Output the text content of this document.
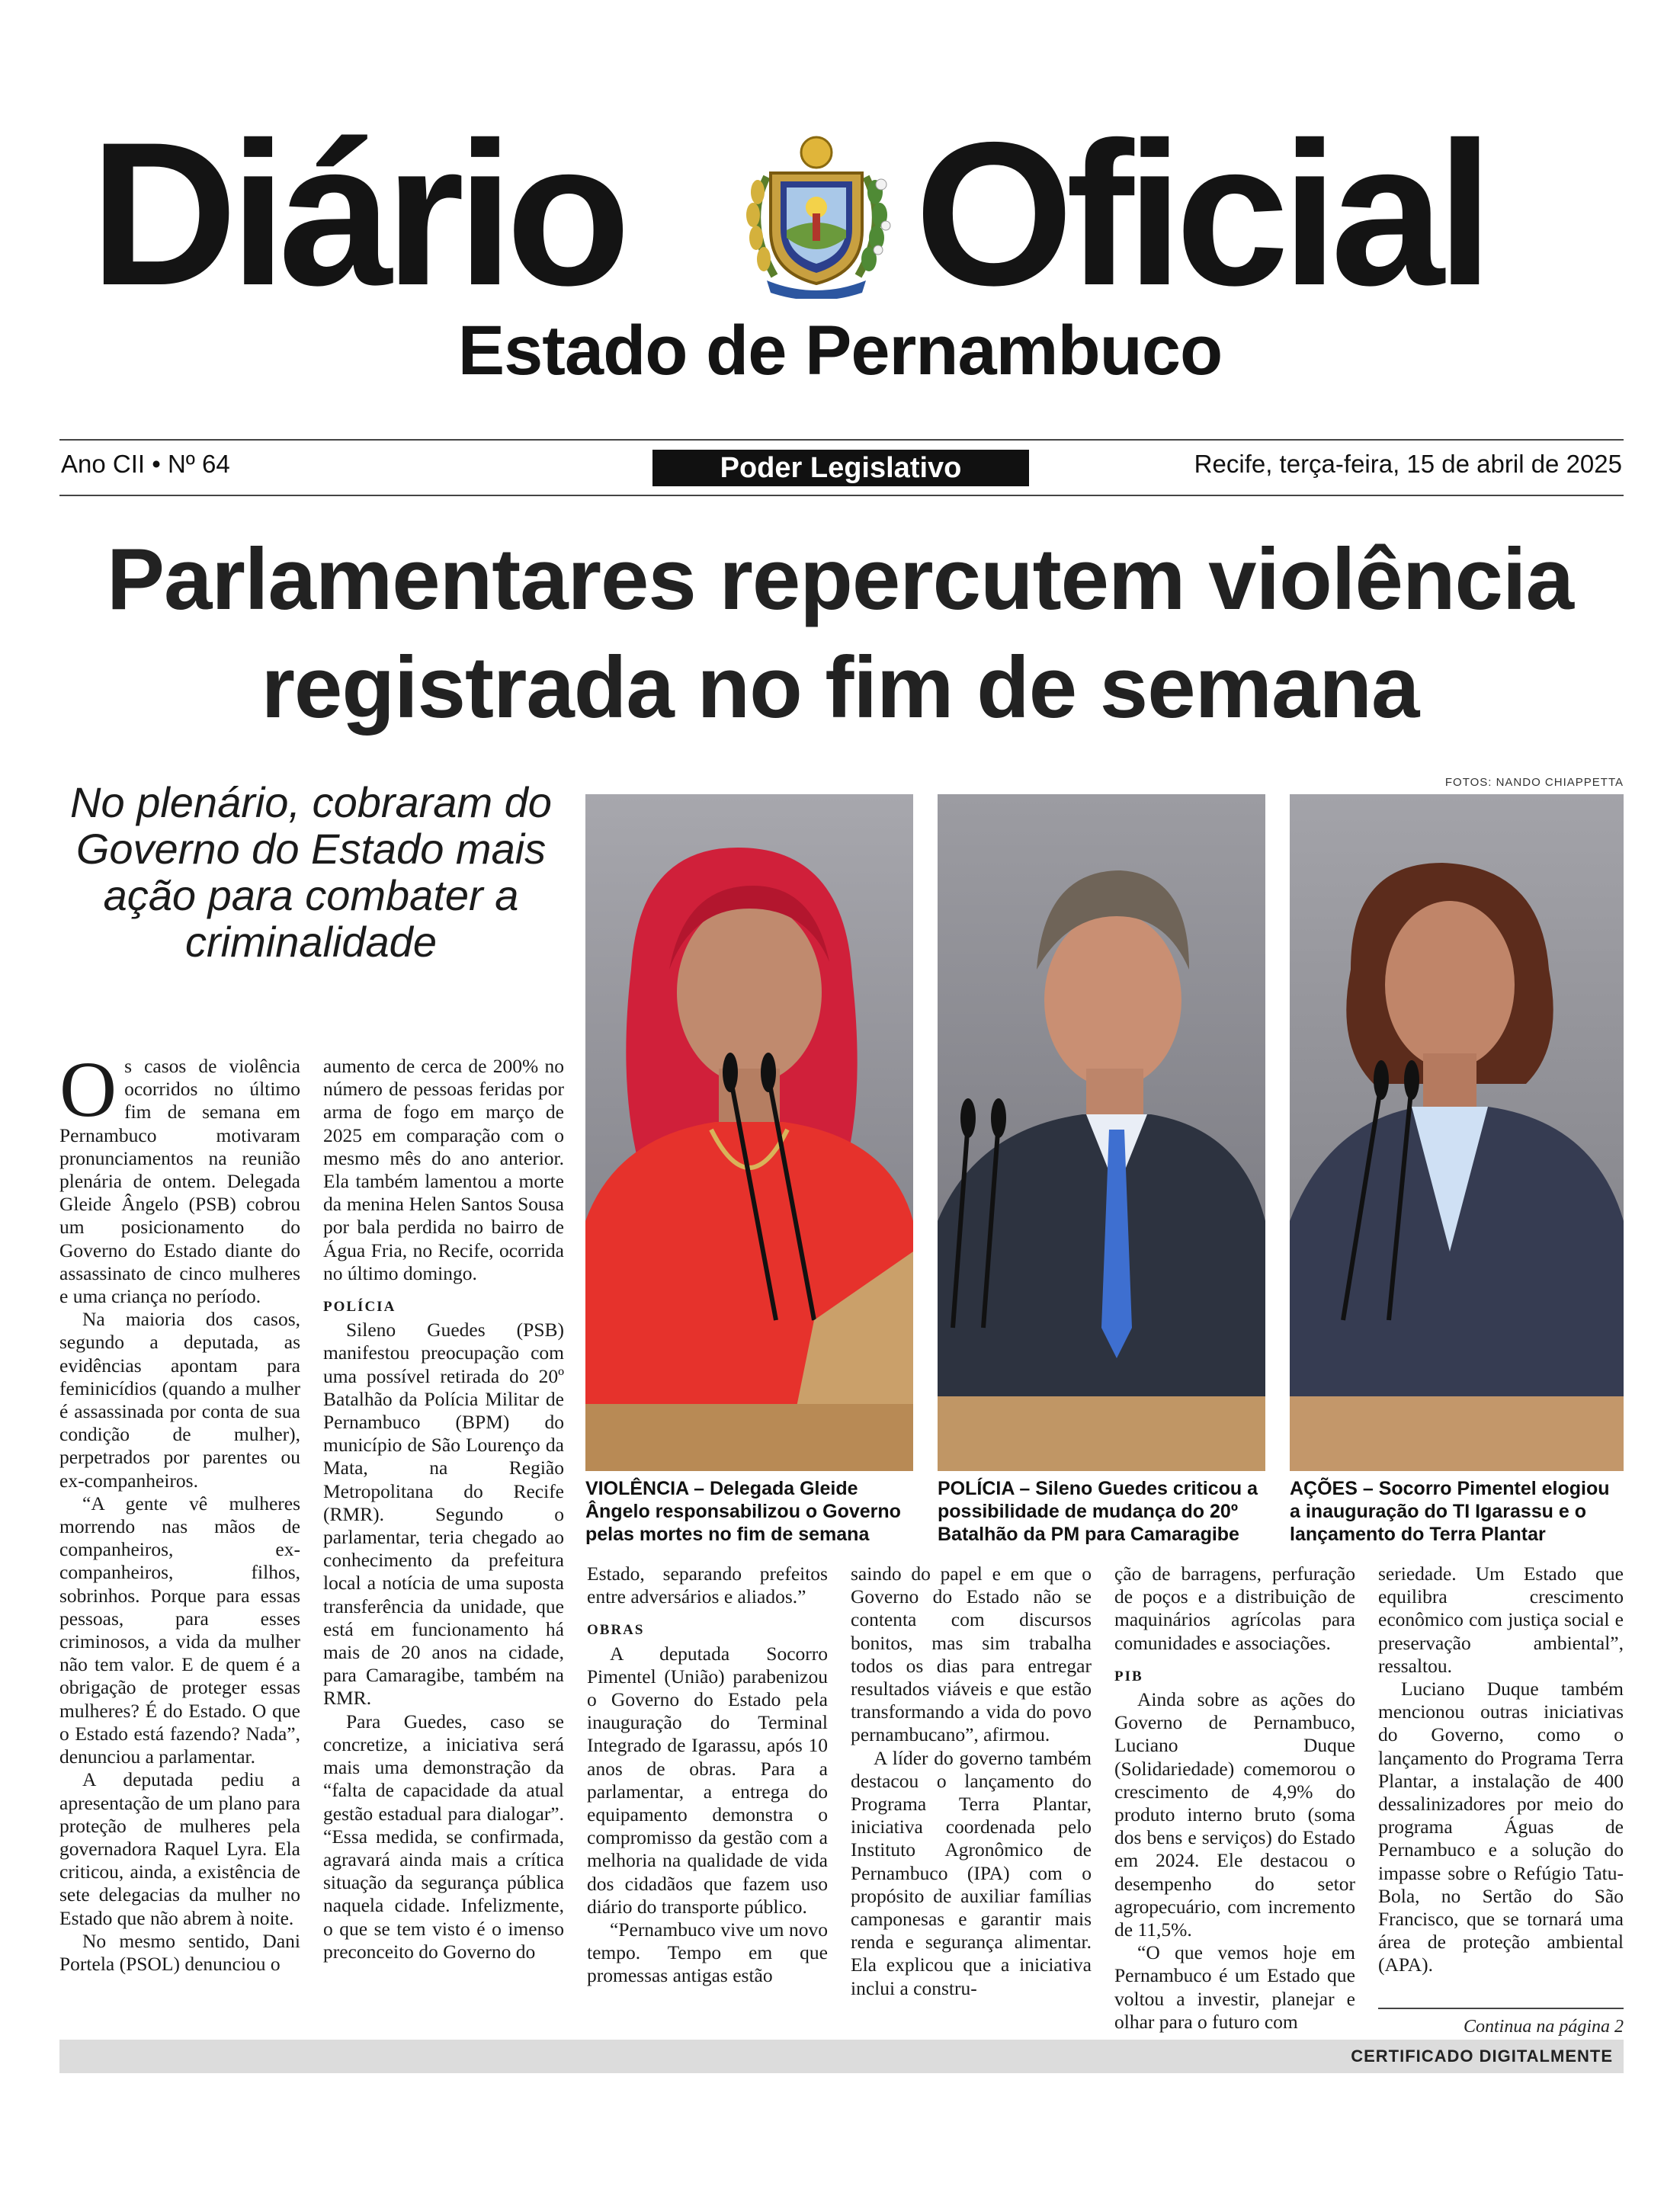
Diário Oficial
Estado de Pernambuco
Ano CII • Nº 64	Poder Legislativo	Recife, terça-feira, 15 de abril de 2025
Parlamentares repercutem violência
registrada no fim de semana
No plenário, cobraram do Governo do Estado mais ação para combater a criminalidade
FOTOS: NANDO CHIAPPETTA
VIOLÊNCIA – Delegada Gleide Ângelo responsabilizou o Governo pelas mortes no fim de semana
POLÍCIA – Sileno Guedes criticou a possibilidade de mudança do 20º Batalhão da PM para Camaragibe
AÇÕES – Socorro Pimentel elogiou a inauguração do TI Igarassu e o lançamento do Terra Plantar

Os casos de violência ocorridos no último fim de semana em Pernambuco motivaram pronunciamentos na reunião plenária de ontem. Delegada Gleide Ângelo (PSB) cobrou um posicionamento do Governo do Estado diante do assassinato de cinco mulheres e uma criança no período.

Na maioria dos casos, segundo a deputada, as evidências apontam para feminicídios (quando a mulher é assassinada por conta de sua condição de mulher), perpetrados por parentes ou ex-companheiros.

“A gente vê mulheres morrendo nas mãos de companheiros, ex-companheiros, filhos, sobrinhos. Porque para essas pessoas, para esses criminosos, a vida da mulher não tem valor. E de quem é a obrigação de proteger essas mulheres? É do Estado. O que o Estado está fazendo? Nada”, denunciou a parlamentar.

A deputada pediu a apresentação de um plano para proteção de mulheres pela governadora Raquel Lyra. Ela criticou, ainda, a existência de sete delegacias da mulher no Estado que não abrem à noite.

No mesmo sentido, Dani Portela (PSOL) denunciou o

aumento de cerca de 200% no número de pessoas feridas por arma de fogo em março de 2025 em comparação com o mesmo mês do ano anterior. Ela também lamentou a morte da menina Helen Santos Sousa por bala perdida no bairro de Água Fria, no Recife, ocorrida no último domingo.

POLÍCIA

Sileno Guedes (PSB) manifestou preocupação com uma possível retirada do 20º Batalhão da Polícia Militar de Pernambuco (BPM) do município de São Lourenço da Mata, na Região Metropolitana do Recife (RMR). Segundo o parlamentar, teria chegado ao conhecimento da prefeitura local a notícia de uma suposta transferência da unidade, que está em funcionamento há mais de 20 anos na cidade, para Camaragibe, também na RMR.

Para Guedes, caso se concretize, a iniciativa será mais uma demonstração da “falta de capacidade da atual gestão estadual para dialogar”. “Essa medida, se confirmada, agravará ainda mais a crítica situação da segurança pública naquela cidade. Infelizmente, o que se tem visto é o imenso preconceito do Governo do

Estado, separando prefeitos entre adversários e aliados.”

OBRAS

A deputada Socorro Pimentel (União) parabenizou o Governo do Estado pela inauguração do Terminal Integrado de Igarassu, após 10 anos de obras. Para a parlamentar, a entrega do equipamento demonstra o compromisso da gestão com a melhoria na qualidade de vida dos cidadãos que fazem uso diário do transporte público.

“Pernambuco vive um novo tempo. Tempo em que promessas antigas estão

saindo do papel e em que o Governo do Estado não se contenta com discursos bonitos, mas sim trabalha todos os dias para entregar resultados viáveis e que estão transformando a vida do povo pernambucano”, afirmou.

A líder do governo também destacou o lançamento do Programa Terra Plantar, iniciativa coordenada pelo Instituto Agronômico de Pernambuco (IPA) com o propósito de auxiliar famílias camponesas e garantir mais renda e segurança alimentar. Ela explicou que a iniciativa inclui a constru-

ção de barragens, perfuração de poços e a distribuição de maquinários agrícolas para comunidades e associações.

PIB

Ainda sobre as ações do Governo de Pernambuco, Luciano Duque (Solidariedade) comemorou o crescimento de 4,9% do produto interno bruto (soma dos bens e serviços) do Estado em 2024. Ele destacou o desempenho do setor agropecuário, com incremento de 11,5%.

“O que vemos hoje em Pernambuco é um Estado que voltou a investir, planejar e olhar para o futuro com

seriedade. Um Estado que equilibra crescimento econômico com justiça social e preservação ambiental”, ressaltou.

Luciano Duque também mencionou outras iniciativas do Governo, como o lançamento do Programa Terra Plantar, a instalação de 400 dessalinizadores por meio do programa Águas de Pernambuco e a solução do impasse sobre o Refúgio Tatu-Bola, no Sertão do São Francisco, que se tornará uma área de proteção ambiental (APA).

Continua na página 2
CERTIFICADO DIGITALMENTE
